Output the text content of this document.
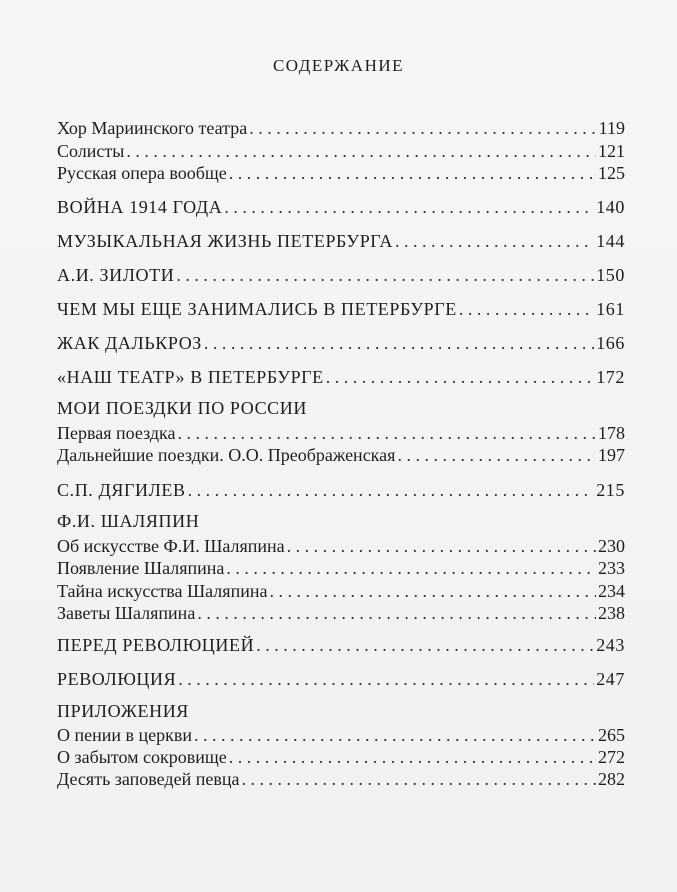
СОДЕРЖАНИЕ
Хор Мариинского театра . . .	119
Солисты . . .	121
Русская опера вообще . . .	125
ВОЙНА 1914 ГОДА . . .	140
МУЗЫКАЛЬНАЯ ЖИЗНЬ ПЕТЕРБУРГА . . .	144
А.И. ЗИЛОТИ . . .	150
ЧЕМ МЫ ЕЩЕ ЗАНИМАЛИСЬ В ПЕТЕРБУРГЕ . . .	161
ЖАК ДАЛЬКРОЗ . . .	166
«НАШ ТЕАТР» В ПЕТЕРБУРГЕ . . .	172
МОИ ПОЕЗДКИ ПО РОССИИ
Первая поездка . . .	178
Дальнейшие поездки. О.О. Преображенская . . .	197
С.П. ДЯГИЛЕВ . . .	215
Ф.И. ШАЛЯПИН
Об искусстве Ф.И. Шаляпина . . .	230
Появление Шаляпина . . .	233
Тайна искусства Шаляпина . . .	234
Заветы Шаляпина . . .	238
ПЕРЕД РЕВОЛЮЦИЕЙ . . .	243
РЕВОЛЮЦИЯ . . .	247
ПРИЛОЖЕНИЯ
О пении в церкви . . .	265
О забытом сокровище . . .	272
Десять заповедей певца . . .	282
